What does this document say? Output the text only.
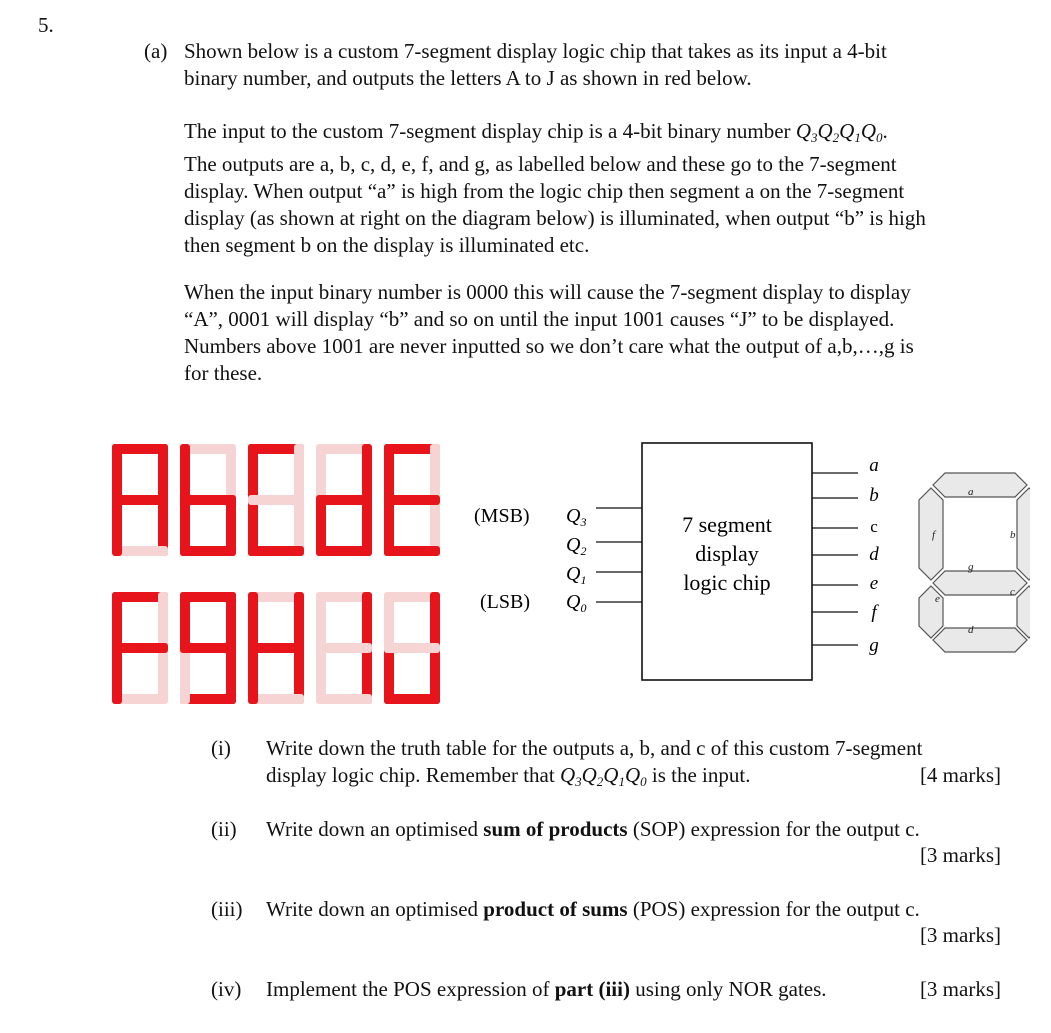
5.
(a) Shown below is a custom 7-segment display logic chip that takes as its input a 4-bit
binary number, and outputs the letters A to J as shown in red below.
The input to the custom 7-segment display chip is a 4-bit binary number $Q_3Q_2Q_1Q_0$.
The outputs are a, b, c, d, e, f, and g, as labelled below and these go to the 7-segment
display. When output “a” is high from the logic chip then segment a on the 7-segment
display (as shown at right on the diagram below) is illuminated, when output “b” is high
then segment b on the display is illuminated etc.
When the input binary number is 0000 this will cause the 7-segment display to display
“A”, 0001 will display “b” and so on until the input 1001 causes “J” to be displayed.
Numbers above 1001 are never inputted so we don’t care what the output of a,b,…,g is
for these.
7 segment
display
logic chip
(MSB) $Q_3$
$Q_2$
$Q_1$
(LSB) $Q_0$
a
b
c
d
e
f
g
a
b
c
d
e
f
g
(i) Write down the truth table for the outputs a, b, and c of this custom 7-segment
display logic chip. Remember that $Q_3Q_2Q_1Q_0$ is the input.	[4 marks]
(ii) Write down an optimised sum of products (SOP) expression for the output c.
[3 marks]
(iii) Write down an optimised product of sums (POS) expression for the output c.
[3 marks]
(iv) Implement the POS expression of part (iii) using only NOR gates.	[3 marks]
